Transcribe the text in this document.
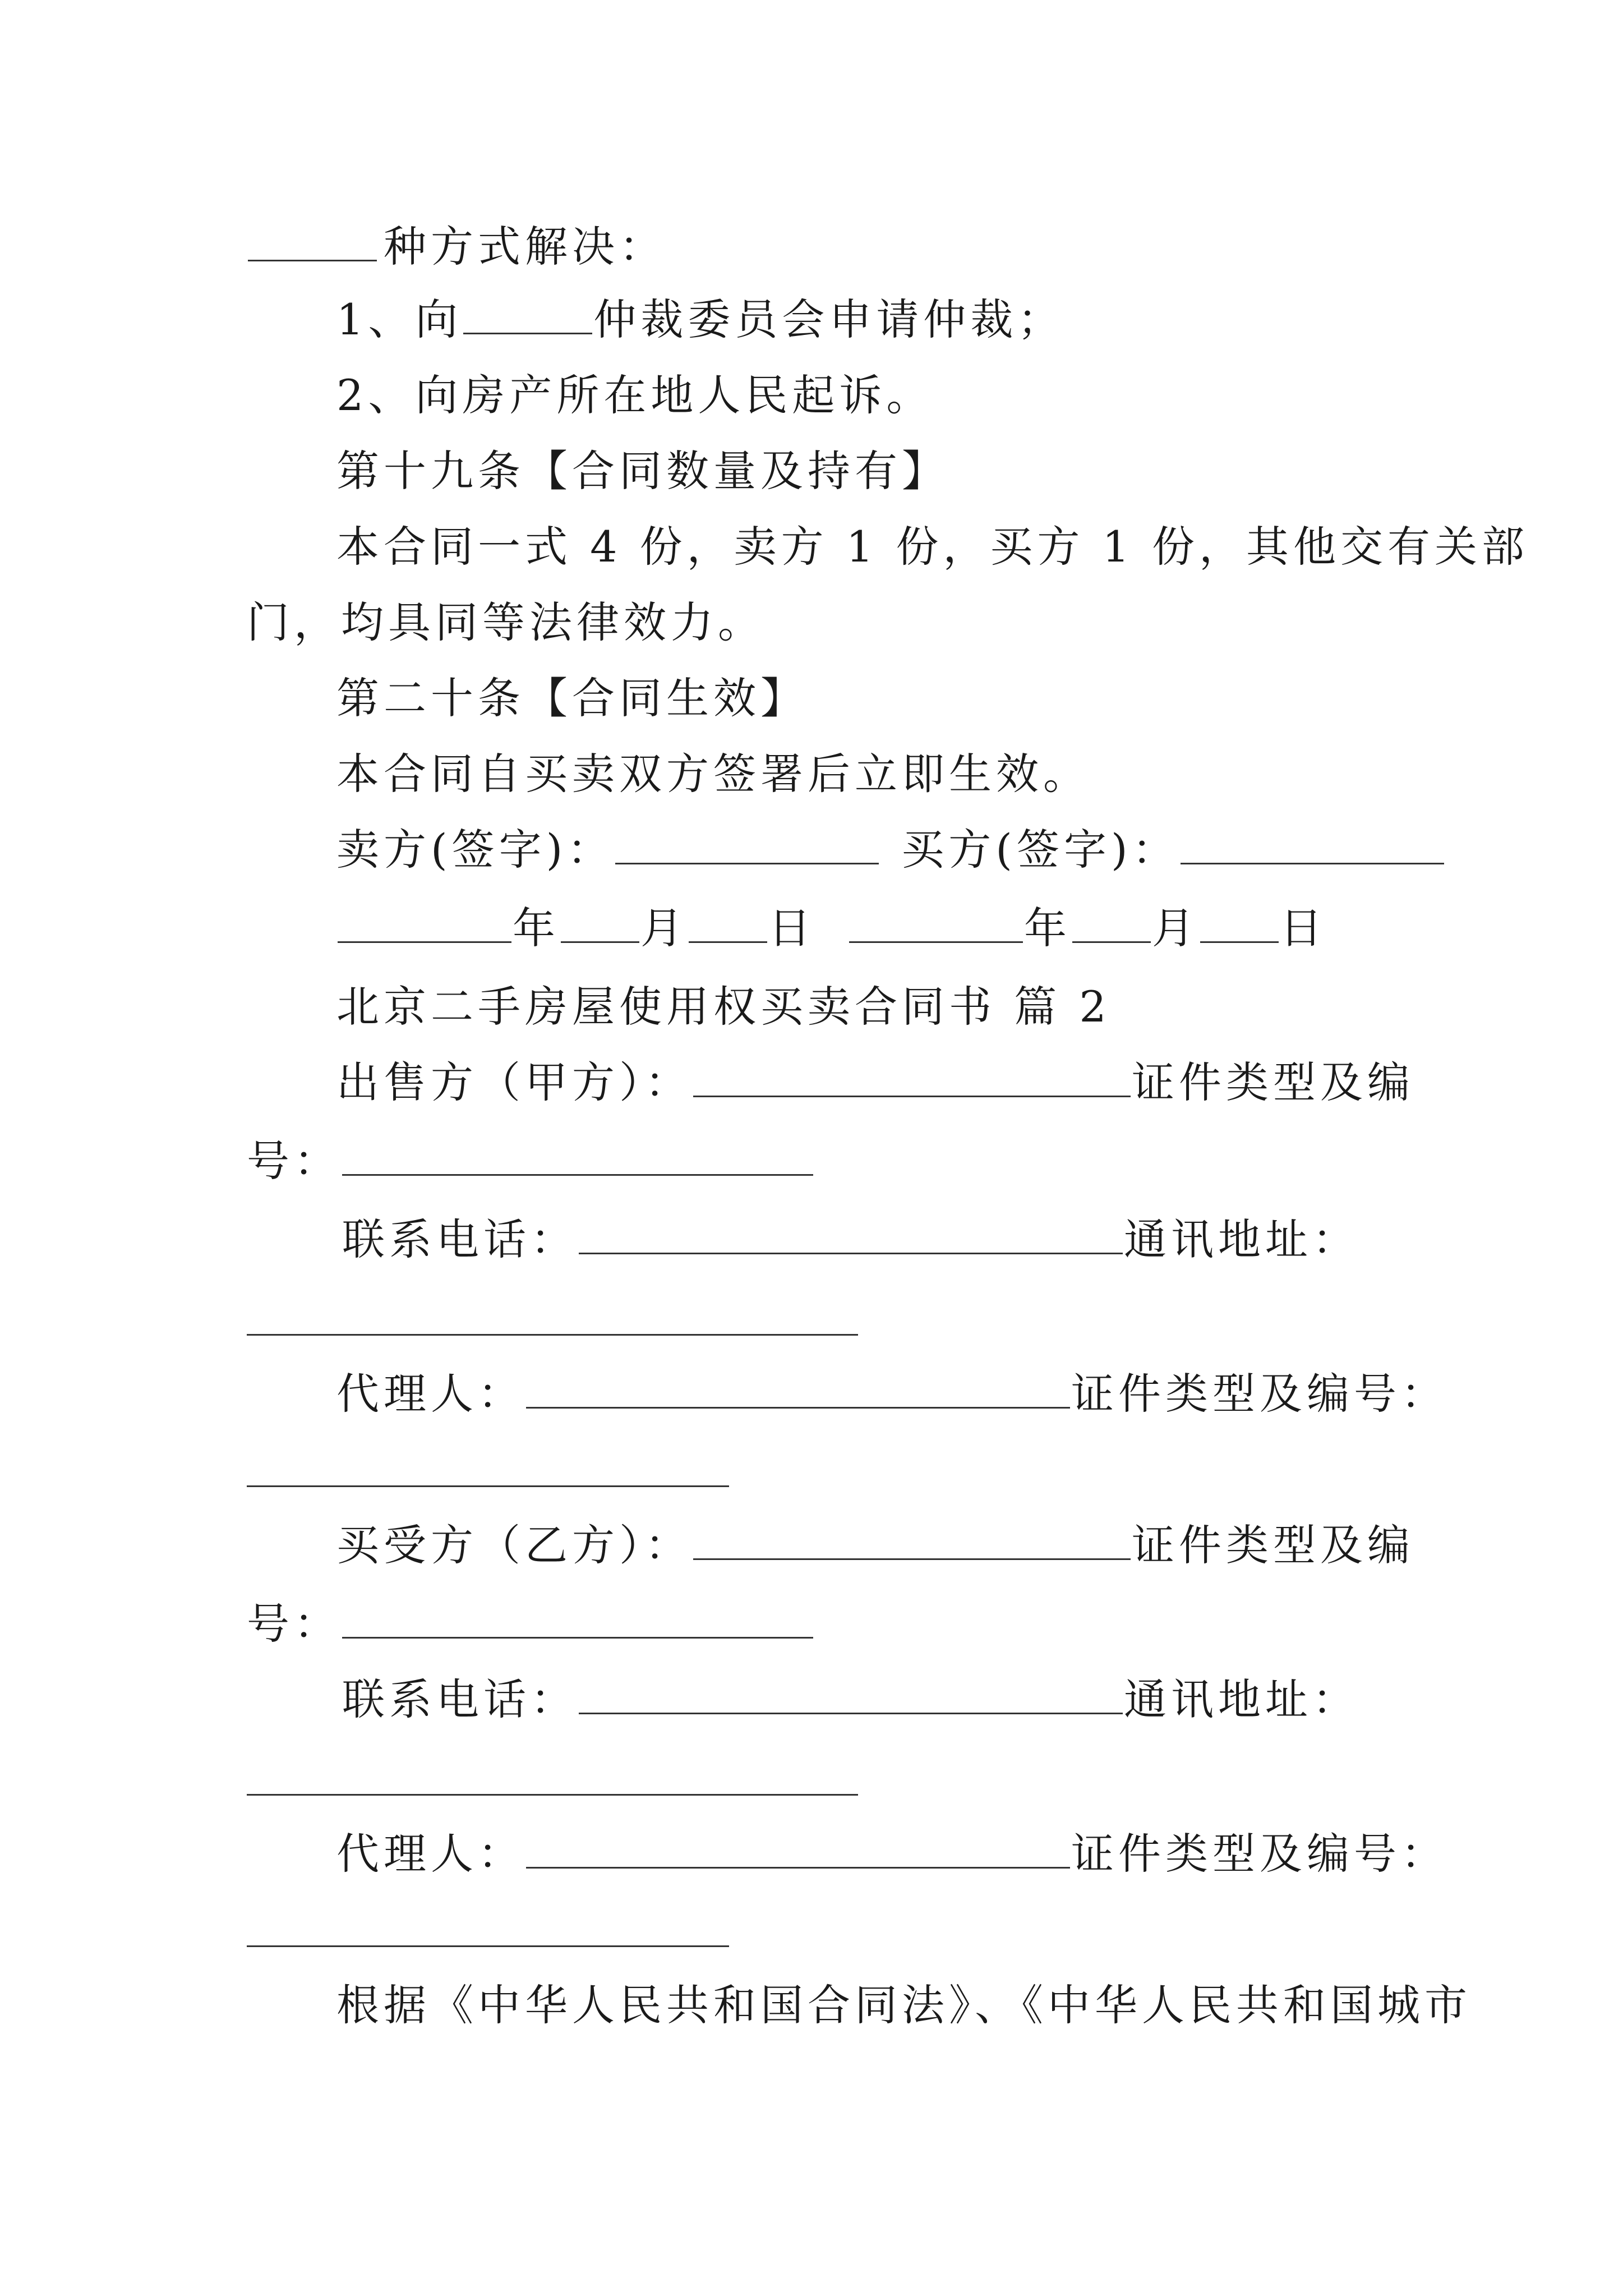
种方式解决：
1、向	仲裁委员会申请仲裁；
2、向房产所在地人民起诉。
第十九条【合同数量及持有】
本合同一式 4 份，卖方 1 份，买方 1 份，其他交有关部
门，均具同等法律效力。
第二十条【合同生效】
本合同自买卖双方签署后立即生效。
卖方(签字)：	买方(签字)：
年 月 日	年 月 日
北京二手房屋使用权买卖合同书 篇 2
出售方（甲方）：	证件类型及编
号：
联系电话：	通讯地址：
代理人：	证件类型及编号：
买受方（乙方）：	证件类型及编
号：
联系电话：	通讯地址：
代理人：	证件类型及编号：
根据《中华人民共和国合同法》、《中华人民共和国城市
